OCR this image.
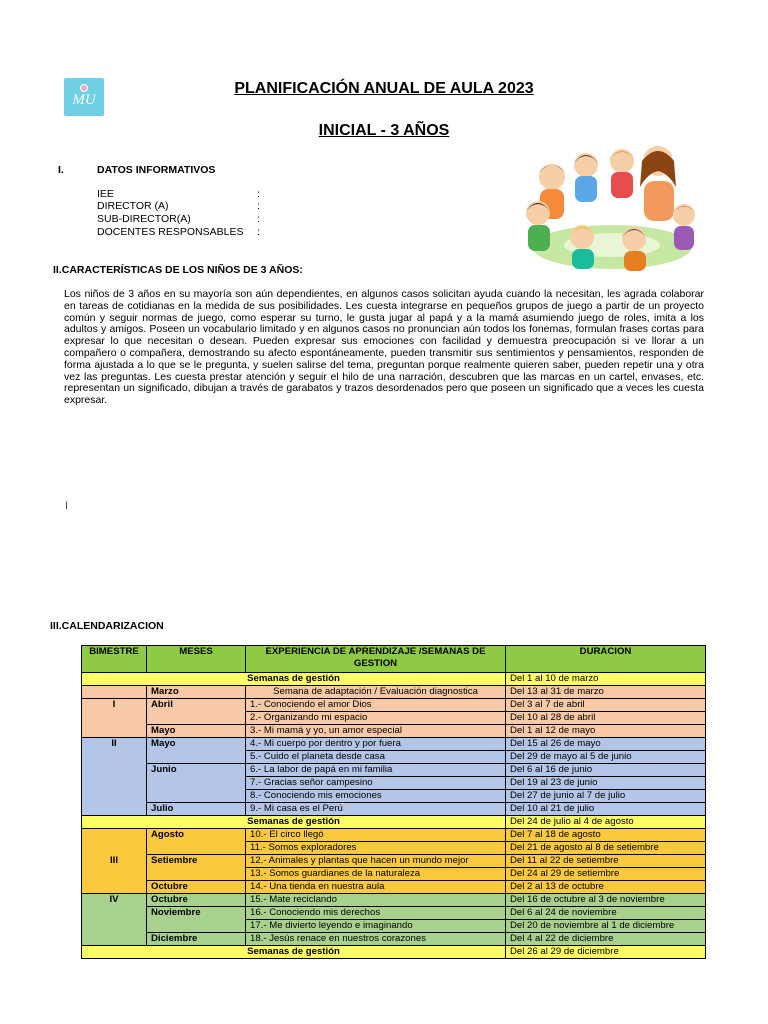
MU
PLANIFICACIÓN ANUAL DE AULA 2023
INICIAL - 3 AÑOS
I.	DATOS INFORMATIVOS
IEE	:
DIRECTOR (A)	:
SUB-DIRECTOR(A)	:
DOCENTES RESPONSABLES :
II.CARACTERÍSTICAS DE LOS NIÑOS DE 3 AÑOS:
Los niños de 3 años en su mayoría son aún dependientes, en algunos casos solicitan ayuda cuando la necesitan, les agrada colaborar en tareas de cotidianas en la medida de sus posibilidades. Les cuesta integrarse en pequeños grupos de juego a partir de un proyecto común y seguir normas de juego, como esperar su turno, le gusta jugar al papá y a la mamá asumiendo juego de roles, imita a los adultos y amigos. Poseen un vocabulario limitado y en algunos casos no pronuncian aún todos los fonemas, formulan frases cortas para expresar lo que necesitan o desean. Pueden expresar sus emociones con facilidad y demuestra preocupación si ve llorar a un compañero o compañera, demostrando su afecto espontáneamente, pueden transmitir sus sentimientos y pensamientos, responden de forma ajustada a lo que se le pregunta, y suelen salirse del tema, preguntan porque realmente quieren saber, pueden repetir una y otra vez las preguntas. Les cuesta prestar atención y seguir el hilo de una narración, descubren que las marcas en un cartel, envases, etc. representan un significado, dibujan a través de garabatos y trazos desordenados pero que poseen un significado que a veces les cuesta expresar.
I
III.CALENDARIZACION
BIMESTRE	MESES	EXPERIENCIA DE APRENDIZAJE /SEMANAS DE GESTION	DURACION
Semanas de gestión			Del 1 al 10 de marzo
	Marzo	Semana de adaptación / Evaluación diagnostica	Del 13 al 31 de marzo
I	Abril	1.- Conociendo el amor Dios	Del 3 al 7 de abril
		2.- Organizando mi espacio	Del 10 al 28 de abril
	Mayo	3.- Mi mamá y yo, un amor especial	Del 1 al 12 de mayo
II	Mayo	4.- Mi cuerpo por dentro y por fuera	Del 15 al 26 de mayo
		5.- Cuido el planeta desde casa	Del 29 de mayo al 5 de junio
	Junio	6.- La labor de papá en mi familia	Del 6 al 16 de junio
		7.- Gracias señor campesino	Del 19 al 23 de junio
		8.- Conociendo mis emociones	Del 27 de junio al 7 de julio
	Julio	9.- Mi casa es el Perú	Del 10 al 21 de julio
Semanas de gestión			Del 24 de julio al 4 de agosto
III	Agosto	10.- El circo llegó	Del 7 al 18 de agosto
		11.- Somos exploradores	Del 21 de agosto al 8 de setiembre
	Setiembre	12.- Animales y plantas que hacen un mundo mejor	Del 11 al 22 de setiembre
		13.- Somos guardianes de la naturaleza	Del 24 al 29 de setiembre
	Octubre	14.- Una tienda en nuestra aula	Del 2 al 13 de octubre
IV	Octubre	15.- Mate reciclando	Del 16 de octubre al 3 de noviembre
	Noviembre	16.- Conociendo mis derechos	Del 6 al 24 de noviembre
		17.- Me divierto leyendo e imaginando	Del 20 de noviembre al 1 de diciembre
	Diciembre	18.- Jesús renace en nuestros corazones	Del 4 al 22 de diciembre
Semanas de gestión			Del 26 al 29 de diciembre
